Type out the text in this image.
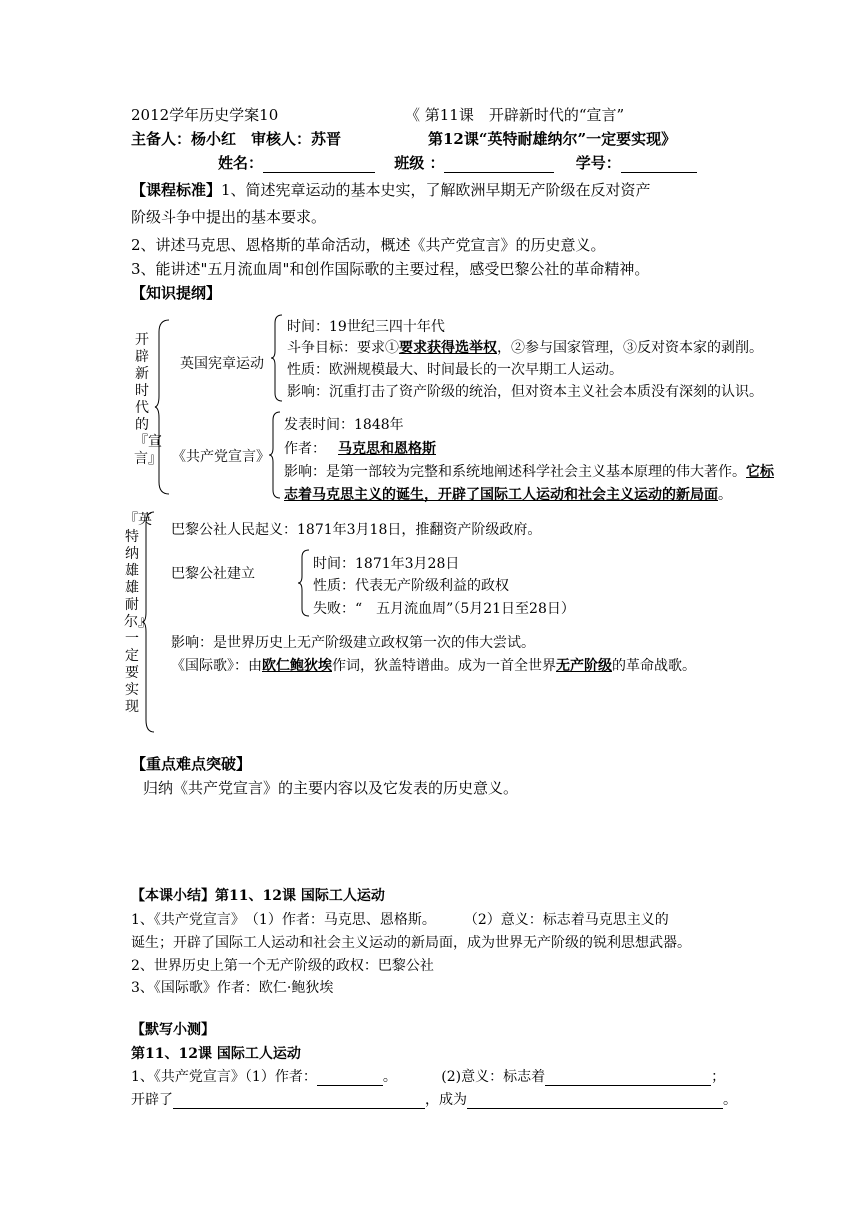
2012学年历史学案10	《 第11课　开辟新时代的“宣言”
主备人：杨小红　审核人：苏晋	第12课“英特耐雄纳尔”一定要实现》
姓名：	班级 ：	学号：
【课程标准】1、简述宪章运动的基本史实，了解欧洲早期无产阶级在反对资产
阶级斗争中提出的基本要求。
2、讲述马克思、恩格斯的革命活动，概述《共产党宣言》的历史意义。
3、能讲述"五月流血周"和创作国际歌的主要过程，感受巴黎公社的革命精神。
【知识提纲】
开辟新时代的『宣言』
英国宪章运动
时间：19世纪三四十年代
斗争目标：要求①要求获得选举权，②参与国家管理，③反对资本家的剥削。
性质：欧洲规模最大、时间最长的一次早期工人运动。
影响：沉重打击了资产阶级的统治，但对资本主义社会本质没有深刻的认识。
《共产党宣言》
发表时间：1848年
作者： 马克思和恩格斯
影响：是第一部较为完整和系统地阐述科学社会主义基本原理的伟大著作。它标
志着马克思主义的诞生，开辟了国际工人运动和社会主义运动的新局面。
『英特纳雄雄耐尔』一定要实现
巴黎公社人民起义：1871年3月18日，推翻资产阶级政府。
巴黎公社建立
时间：1871年3月28日
性质：代表无产阶级利益的政权
失败：“　五月流血周”（5月21日至28日）
影响：是世界历史上无产阶级建立政权第一次的伟大尝试。
《国际歌》：由欧仁鲍狄埃作词，狄盖特谱曲。成为一首全世界无产阶级的革命战歌。
【重点难点突破】
归纳《共产党宣言》的主要内容以及它发表的历史意义。
【本课小结】第11、12课 国际工人运动
1、《共产党宣言》　（1）作者：马克思、恩格斯。　　　（2）意义：标志着马克思主义的
诞生；开辟了国际工人运动和社会主义运动的新局面，成为世界无产阶级的锐利思想武器。
2、世界历史上第一个无产阶级的政权：巴黎公社
3、《国际歌》作者：欧仁·鲍狄埃
【默写小测】
第11、12课 国际工人运动
1、《共产党宣言》（1）作者：	。	(2)意义：标志着	；
开辟了	，成为	。
